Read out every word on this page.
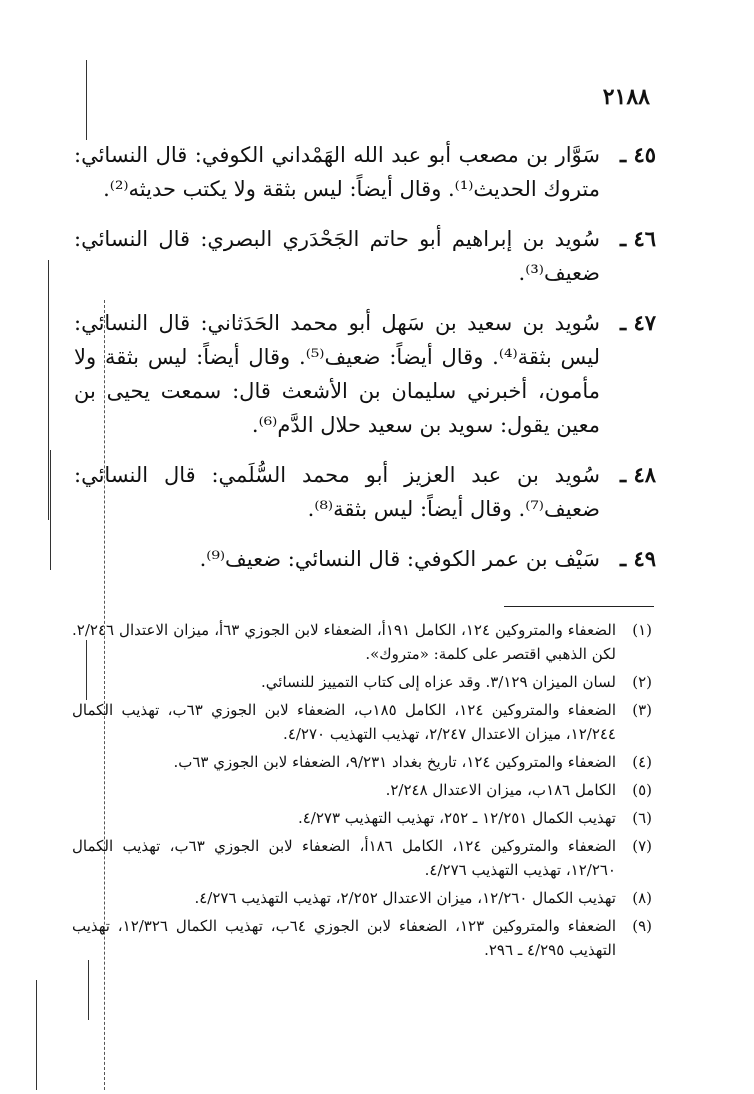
٢١٨٨
٤٥ ـ
سَوَّار بن مصعب أبو عبد الله الهَمْداني الكوفي: قال النسائي: متروك الحديث⁽¹⁾. وقال أيضاً: ليس بثقة ولا يكتب حديثه⁽²⁾.
٤٦ ـ
سُويد بن إبراهيم أبو حاتم الجَحْدَري البصري: قال النسائي: ضعيف⁽³⁾.
٤٧ ـ
سُويد بن سعيد بن سَهل أبو محمد الحَدَثاني: قال النسائي: ليس بثقة⁽⁴⁾. وقال أيضاً: ضعيف⁽⁵⁾. وقال أيضاً: ليس بثقة ولا مأمون، أخبرني سليمان بن الأشعث قال: سمعت يحيى بن معين يقول: سويد بن سعيد حلال الدَّم⁽⁶⁾.
٤٨ ـ
سُويد بن عبد العزيز أبو محمد السُّلَمي: قال النسائي: ضعيف⁽⁷⁾. وقال أيضاً: ليس بثقة⁽⁸⁾.
٤٩ ـ
سَيْف بن عمر الكوفي: قال النسائي: ضعيف⁽⁹⁾.
(١)
الضعفاء والمتروكين ١٢٤، الكامل ١٩١أ، الضعفاء لابن الجوزي ٦٣أ، ميزان الاعتدال ٢/٢٤٦. لكن الذهبي اقتصر على كلمة: «متروك».
(٢)
لسان الميزان ٣/١٢٩. وقد عزاه إلى كتاب التمييز للنسائي.
(٣)
الضعفاء والمتروكين ١٢٤، الكامل ١٨٥ب، الضعفاء لابن الجوزي ٦٣ب، تهذيب الكمال ١٢/٢٤٤، ميزان الاعتدال ٢/٢٤٧، تهذيب التهذيب ٤/٢٧٠.
(٤)
الضعفاء والمتروكين ١٢٤، تاريخ بغداد ٩/٢٣١، الضعفاء لابن الجوزي ٦٣ب.
(٥)
الكامل ١٨٦ب، ميزان الاعتدال ٢/٢٤٨.
(٦)
تهذيب الكمال ١٢/٢٥١ ـ ٢٥٢، تهذيب التهذيب ٤/٢٧٣.
(٧)
الضعفاء والمتروكين ١٢٤، الكامل ١٨٦أ، الضعفاء لابن الجوزي ٦٣ب، تهذيب الكمال ١٢/٢٦٠، تهذيب التهذيب ٤/٢٧٦.
(٨)
تهذيب الكمال ١٢/٢٦٠، ميزان الاعتدال ٢/٢٥٢، تهذيب التهذيب ٤/٢٧٦.
(٩)
الضعفاء والمتروكين ١٢٣، الضعفاء لابن الجوزي ٦٤ب، تهذيب الكمال ١٢/٣٢٦، تهذيب التهذيب ٤/٢٩٥ ـ ٢٩٦.
